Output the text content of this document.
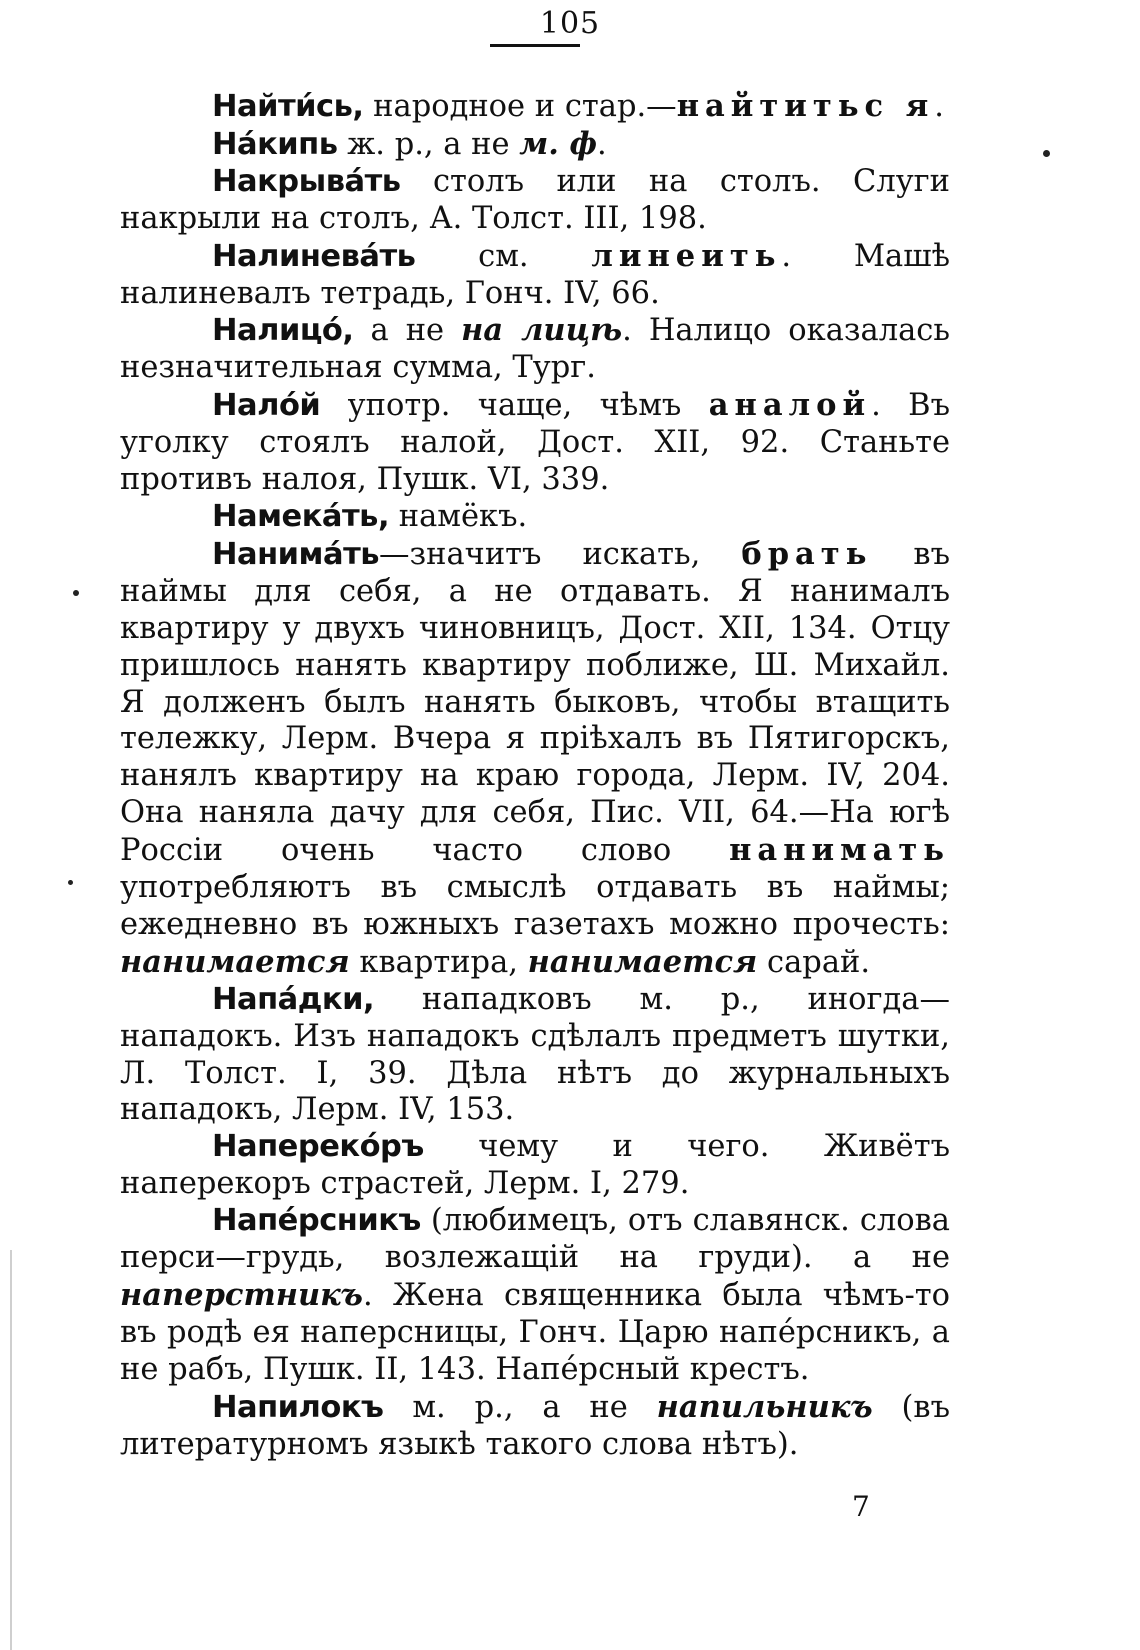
105

Найти́сь, народное и стар.—найтитьс я.

На́кипь ж. р., а не м. ф.

Накрыва́ть столъ или на столъ. Слуги накрыли на столъ, А. Толст. III, 198.

Налинева́ть см. линеить. Машѣ налиневалъ тетрадь, Гонч. IV, 66.

Налицо́, а не на лицѣ. Налицо оказалась незначительная сумма, Тург.

Нало́й употр. чаще, чѣмъ аналой. Въ уголку стоялъ налой, Дост. XII, 92. Станьте противъ налоя, Пушк. VI, 339.

Намека́ть, намёкъ.

Нанима́ть—значитъ искать, брать въ наймы для себя, а не отдавать. Я нанималъ квартиру у двухъ чиновницъ, Дост. XII, 134. Отцу пришлось нанять квартиру поближе, Ш. Михайл. Я долженъ былъ нанять быковъ, чтобы втащить тележку, Лерм. Вчера я пріѣхалъ въ Пятигорскъ, нанялъ квартиру на краю города, Лерм. IV, 204. Она наняла дачу для себя, Пис. VII, 64.—На югѣ Россіи очень часто слово нанимать употребляютъ въ смыслѣ отдавать въ наймы; ежедневно въ южныхъ газетахъ можно прочесть: нанимается квартира, нанимается сарай.

Напа́дки, нападковъ м. р., иногда—нападокъ. Изъ нападокъ сдѣлалъ предметъ шутки, Л. Толст. I, 39. Дѣла нѣтъ до журнальныхъ нападокъ, Лерм. IV, 153.

Наперекóръ чему и чего. Живётъ наперекоръ страстей, Лерм. I, 279.

Напе́рсникъ (любимецъ, отъ славянск. слова перси—грудь, возлежащій на груди). а не наперстникъ. Жена священника была чѣмъ-то въ родѣ ея наперсницы, Гонч. Царю напéрсникъ, а не рабъ, Пушк. II, 143. Напéрсный крестъ.

Напилокъ м. р., а не напильникъ (въ литературномъ языкѣ такого слова нѣтъ).

7
